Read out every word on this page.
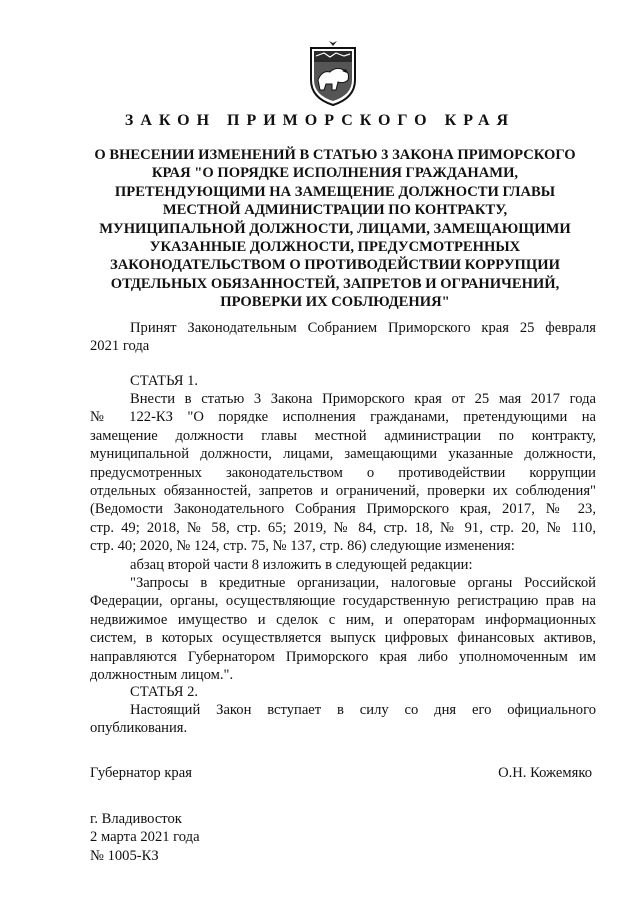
ЗАКОН ПРИМОРСКОГО КРАЯ
О ВНЕСЕНИИ ИЗМЕНЕНИЙ В СТАТЬЮ 3 ЗАКОНА ПРИМОРСКОГО
КРАЯ "О ПОРЯДКЕ ИСПОЛНЕНИЯ ГРАЖДАНАМИ,
ПРЕТЕНДУЮЩИМИ НА ЗАМЕЩЕНИЕ ДОЛЖНОСТИ ГЛАВЫ
МЕСТНОЙ АДМИНИСТРАЦИИ ПО КОНТРАКТУ,
МУНИЦИПАЛЬНОЙ ДОЛЖНОСТИ, ЛИЦАМИ, ЗАМЕЩАЮЩИМИ
УКАЗАННЫЕ ДОЛЖНОСТИ, ПРЕДУСМОТРЕННЫХ
ЗАКОНОДАТЕЛЬСТВОМ О ПРОТИВОДЕЙСТВИИ КОРРУПЦИИ
ОТДЕЛЬНЫХ ОБЯЗАННОСТЕЙ, ЗАПРЕТОВ И ОГРАНИЧЕНИЙ,
ПРОВЕРКИ ИХ СОБЛЮДЕНИЯ"
Принят Законодательным Собранием Приморского края 25 февраля
2021 года
СТАТЬЯ 1.
Внести в статью 3 Закона Приморского края от 25 мая 2017 года
№ 122-КЗ "О порядке исполнения гражданами, претендующими на
замещение должности главы местной администрации по контракту,
муниципальной должности, лицами, замещающими указанные должности,
предусмотренных законодательством о противодействии коррупции
отдельных обязанностей, запретов и ограничений, проверки их соблюдения"
(Ведомости Законодательного Собрания Приморского края, 2017, № 23,
стр. 49; 2018, № 58, стр. 65; 2019, № 84, стр. 18, № 91, стр. 20, № 110,
стр. 40; 2020, № 124, стр. 75, № 137, стр. 86) следующие изменения:
абзац второй части 8 изложить в следующей редакции:
"Запросы в кредитные организации, налоговые органы Российской
Федерации, органы, осуществляющие государственную регистрацию прав на
недвижимое имущество и сделок с ним, и операторам информационных
систем, в которых осуществляется выпуск цифровых финансовых активов,
направляются Губернатором Приморского края либо уполномоченным им
должностным лицом.".
СТАТЬЯ 2.
Настоящий Закон вступает в силу со дня его официального
опубликования.
Губернатор края	О.Н. Кожемяко
г. Владивосток
2 марта 2021 года
№ 1005-КЗ
